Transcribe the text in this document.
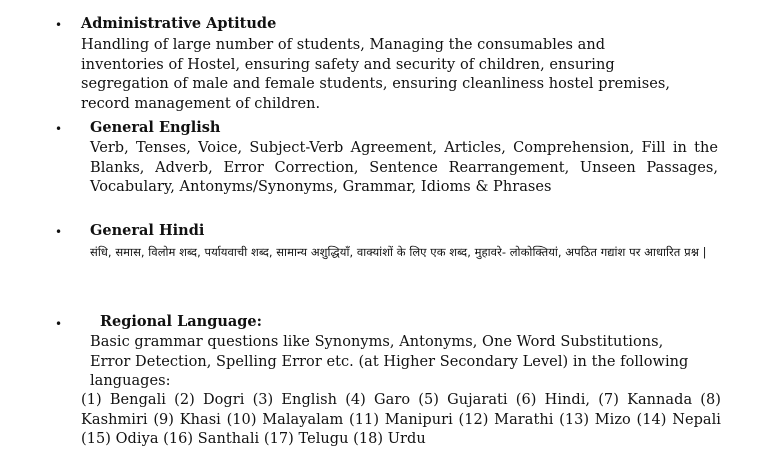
• Administrative Aptitude
Handling of large number of students, Managing the consumables and inventories of Hostel, ensuring safety and security of children, ensuring segregation of male and female students, ensuring cleanliness hostel premises, record management of children.
• General English
Verb, Tenses, Voice, Subject-Verb Agreement, Articles, Comprehension, Fill in the Blanks, Adverb, Error Correction, Sentence Rearrangement, Unseen Passages, Vocabulary, Antonyms/Synonyms, Grammar, Idioms & Phrases
• General Hindi
संधि, समास, विलोम शब्द, पर्यायवाची शब्द, सामान्य अशुद्धियाँ, वाक्यांशों के लिए एक शब्द, मुहावरे- लोकोक्तियां, अपठित गद्यांश पर आधारित प्रश्न |
•	Regional Language:
Basic grammar questions like Synonyms, Antonyms, One Word Substitutions, Error Detection, Spelling Error etc. (at Higher Secondary Level) in the following languages:
(1) Bengali (2) Dogri (3) English (4) Garo (5) Gujarati (6) Hindi, (7) Kannada (8) Kashmiri (9) Khasi (10) Malayalam (11) Manipuri (12) Marathi (13) Mizo (14) Nepali (15) Odiya (16) Santhali (17) Telugu (18) Urdu
